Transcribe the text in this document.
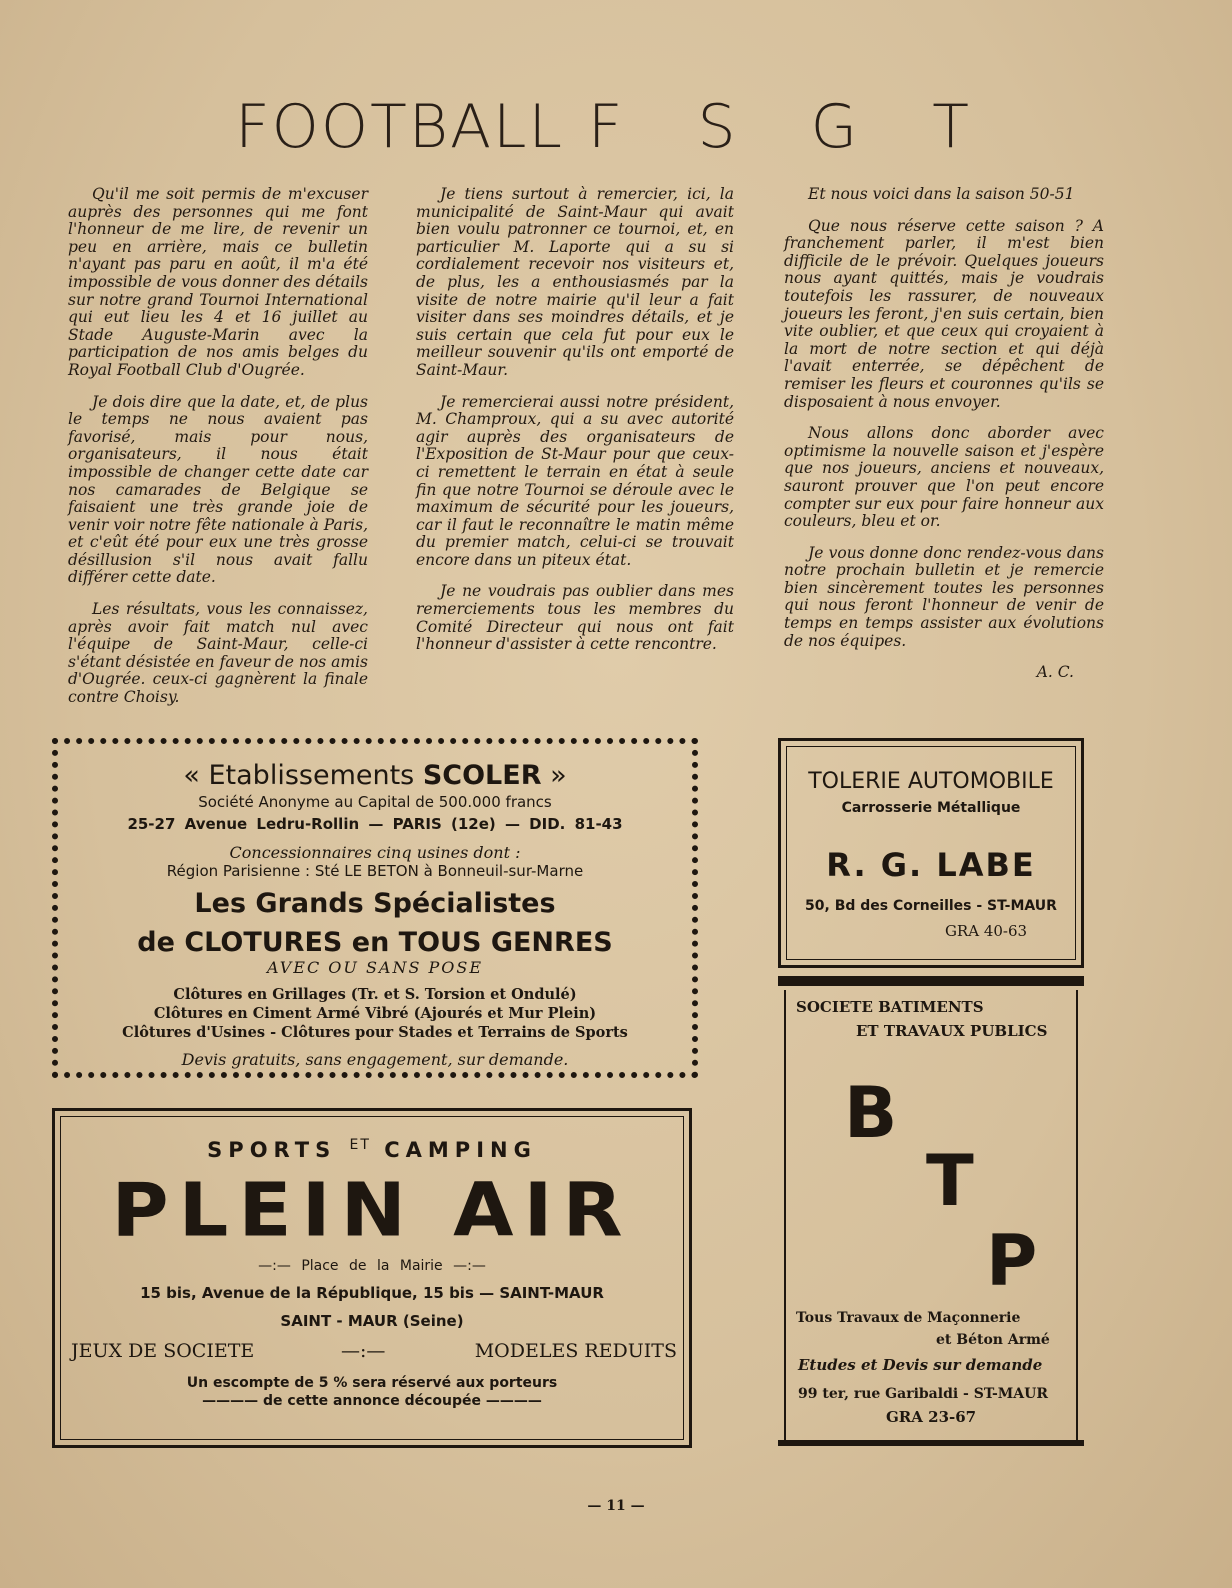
FOOTBALL F S G T

Qu'il me soit permis de m'excuser auprès des personnes qui me font l'honneur de me lire, de revenir un peu en arrière, mais ce bulletin n'ayant pas paru en août, il m'a été impossible de vous donner des détails sur notre grand Tournoi International qui eut lieu les 4 et 16 juillet au Stade Auguste-Marin avec la participation de nos amis belges du Royal Football Club d'Ougrée.

Je dois dire que la date, et, de plus le temps ne nous avaient pas favorisé, mais pour nous, organisateurs, il nous était impossible de changer cette date car nos camarades de Belgique se faisaient une très grande joie de venir voir notre fête nationale à Paris, et c'eût été pour eux une très grosse désillusion s'il nous avait fallu différer cette date.

Les résultats, vous les connaissez, après avoir fait match nul avec l'équipe de Saint-Maur, celle-ci s'étant désistée en faveur de nos amis d'Ougrée. ceux-ci gagnèrent la finale contre Choisy.

Je tiens surtout à remercier, ici, la municipalité de Saint-Maur qui avait bien voulu patronner ce tournoi, et, en particulier M. Laporte qui a su si cordialement recevoir nos visiteurs et, de plus, les a enthousiasmés par la visite de notre mairie qu'il leur a fait visiter dans ses moindres détails, et je suis certain que cela fut pour eux le meilleur souvenir qu'ils ont emporté de Saint-Maur.

Je remercierai aussi notre président, M. Champroux, qui a su avec autorité agir auprès des organisateurs de l'Exposition de St-Maur pour que ceux-ci remettent le terrain en état à seule fin que notre Tournoi se déroule avec le maximum de sécurité pour les joueurs, car il faut le reconnaître le matin même du premier match, celui-ci se trouvait encore dans un piteux état.

Je ne voudrais pas oublier dans mes remerciements tous les membres du Comité Directeur qui nous ont fait l'honneur d'assister à cette rencontre.

Et nous voici dans la saison 50-51

Que nous réserve cette saison ? A franchement parler, il m'est bien difficile de le prévoir. Quelques joueurs nous ayant quittés, mais je voudrais toutefois les rassurer, de nouveaux joueurs les feront, j'en suis certain, bien vite oublier, et que ceux qui croyaient à la mort de notre section et qui déjà l'avait enterrée, se dépêchent de remiser les fleurs et couronnes qu'ils se disposaient à nous envoyer.

Nous allons donc aborder avec optimisme la nouvelle saison et j'espère que nos joueurs, anciens et nouveaux, sauront prouver que l'on peut encore compter sur eux pour faire honneur aux couleurs, bleu et or.

Je vous donne donc rendez-vous dans notre prochain bulletin et je remercie bien sincèrement toutes les personnes qui nous feront l'honneur de venir de temps en temps assister aux évolutions de nos équipes.

A. C.
« Etablissements SCOLER »
Société Anonyme au Capital de 500.000 francs
25-27 Avenue Ledru-Rollin — PARIS (12e) — DID. 81-43
Concessionnaires cinq usines dont :
Région Parisienne : Sté LE BETON à Bonneuil-sur-Marne
Les Grands Spécialistes
de CLOTURES en TOUS GENRES
AVEC OU SANS POSE
Clôtures en Grillages (Tr. et S. Torsion et Ondulé)
Clôtures en Ciment Armé Vibré (Ajourés et Mur Plein)
Clôtures d'Usines - Clôtures pour Stades et Terrains de Sports
Devis gratuits, sans engagement, sur demande.
TOLERIE AUTOMOBILE
Carrosserie Métallique
R. G. LABE
50, Bd des Corneilles - ST-MAUR
GRA 40-63
SOCIETE BATIMENTS
ET TRAVAUX PUBLICS
B
T
P
Tous Travaux de Maçonnerie
et Béton Armé
Etudes et Devis sur demande
99 ter, rue Garibaldi - ST-MAUR
GRA 23-67
SPORTS $^{ET}$ CAMPING
PLEIN AIR
—:— Place de la Mairie —:—
15 bis, Avenue de la République, 15 bis — SAINT-MAUR
SAINT - MAUR (Seine)
JEUX DE SOCIETE	—:—	MODELES REDUITS
Un escompte de 5 % sera réservé aux porteurs
———— de cette annonce découpée ————
— 11 —
